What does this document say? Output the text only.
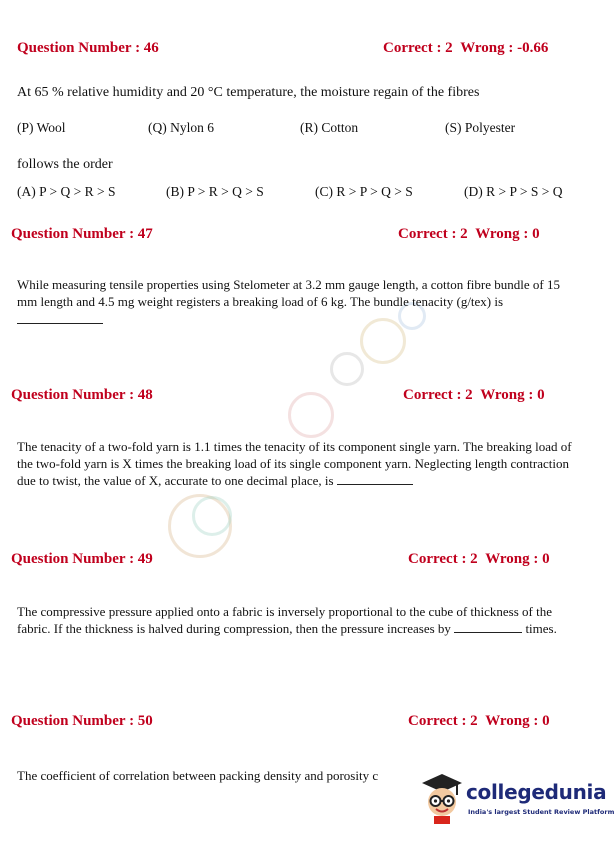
Question Number : 46	Correct : 2 Wrong : -0.66
At 65 % relative humidity and 20 °C temperature, the moisture regain of the fibres
(P) Wool	(Q) Nylon 6	(R) Cotton	(S) Polyester
follows the order
(A) P > Q > R > S	(B) P > R > Q > S	(C) R > P > Q > S	(D) R > P > S > Q
Question Number : 47	Correct : 2 Wrong : 0
While measuring tensile properties using Stelometer at 3.2 mm gauge length, a cotton fibre bundle of 15 mm length and 4.5 mg weight registers a breaking load of 6 kg. The bundle tenacity (g/tex) is
Question Number : 48	Correct : 2 Wrong : 0
The tenacity of a two-fold yarn is 1.1 times the tenacity of its component single yarn. The breaking load of the two-fold yarn is X times the breaking load of its single component yarn. Neglecting length contraction due to twist, the value of X, accurate to one decimal place, is
Question Number : 49	Correct : 2 Wrong : 0
The compressive pressure applied onto a fabric is inversely proportional to the cube of thickness of the fabric. If the thickness is halved during compression, then the pressure increases by	times.
Question Number : 50	Correct : 2 Wrong : 0
The coefficient of correlation between packing density and porosity c
collegedunia
India's largest Student Review Platform
